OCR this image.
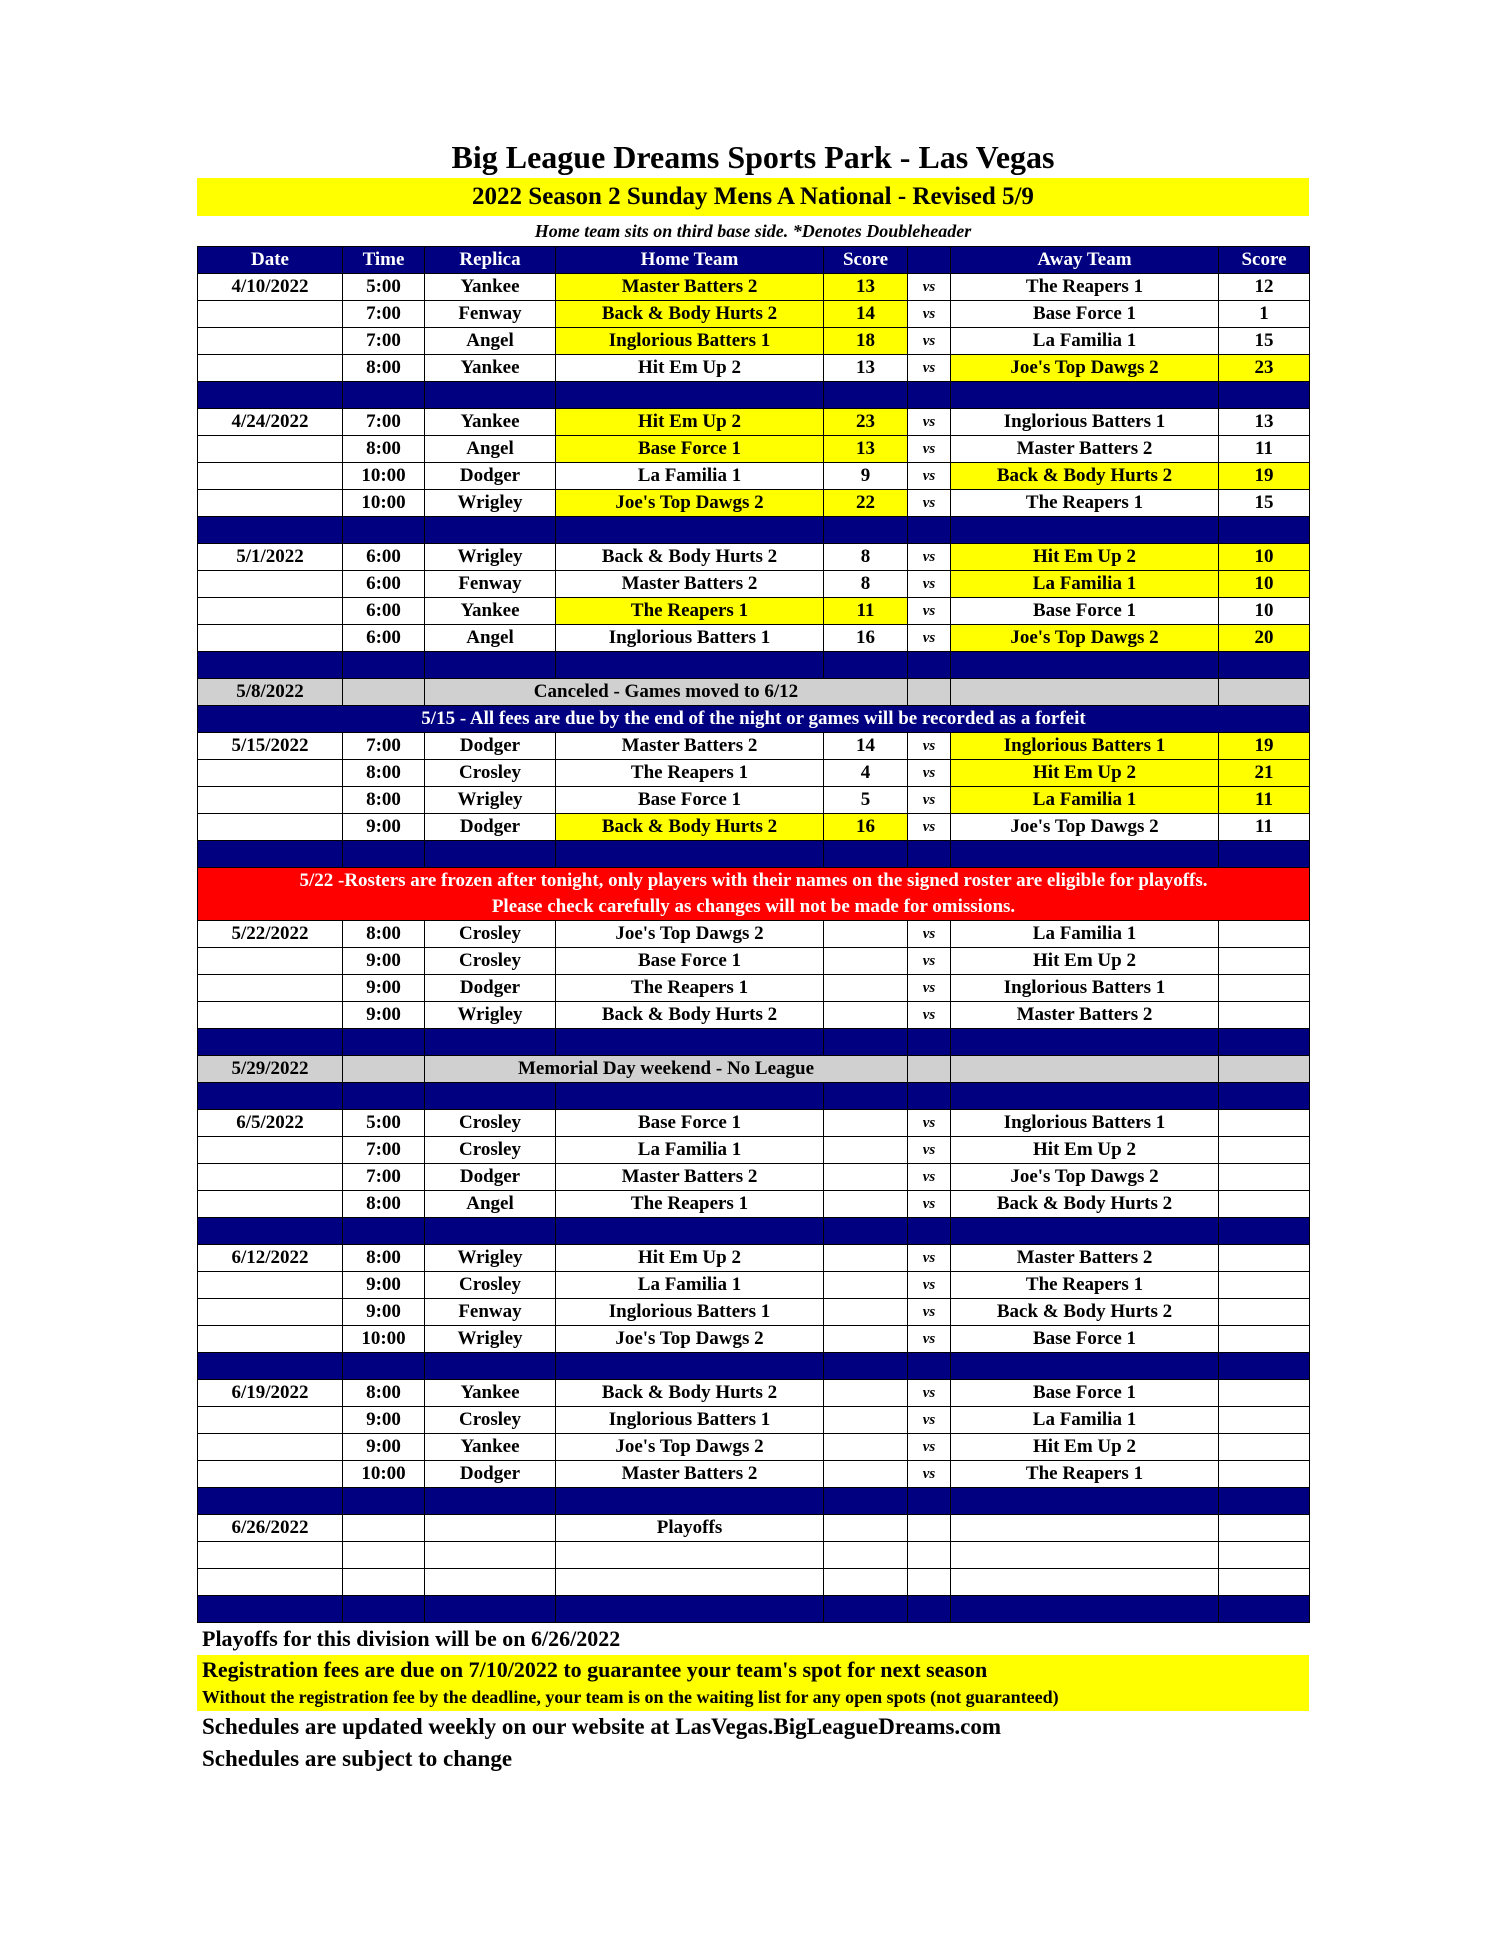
Big League Dreams Sports Park - Las Vegas
2022 Season 2 Sunday Mens A National - Revised 5/9
Home team sits on third base side. *Denotes Doubleheader
Date	Time	Replica	Home Team	Score		Away Team	Score
4/10/2022	5:00	Yankee	Master Batters 2	13	vs	The Reapers 1	12
	7:00	Fenway	Back & Body Hurts 2	14	vs	Base Force 1	1
	7:00	Angel	Inglorious Batters 1	18	vs	La Familia 1	15
	8:00	Yankee	Hit Em Up 2	13	vs	Joe's Top Dawgs 2	23

4/24/2022	7:00	Yankee	Hit Em Up 2	23	vs	Inglorious Batters 1	13
	8:00	Angel	Base Force 1	13	vs	Master Batters 2	11
	10:00	Dodger	La Familia 1	9	vs	Back & Body Hurts 2	19
	10:00	Wrigley	Joe's Top Dawgs 2	22	vs	The Reapers 1	15

5/1/2022	6:00	Wrigley	Back & Body Hurts 2	8	vs	Hit Em Up 2	10
	6:00	Fenway	Master Batters 2	8	vs	La Familia 1	10
	6:00	Yankee	The Reapers 1	11	vs	Base Force 1	10
	6:00	Angel	Inglorious Batters 1	16	vs	Joe's Top Dawgs 2	20

5/8/2022		Canceled - Games moved to 6/12					
5/15 - All fees are due by the end of the night or games will be recorded as a forfeit							
5/15/2022	7:00	Dodger	Master Batters 2	14	vs	Inglorious Batters 1	19
	8:00	Crosley	The Reapers 1	4	vs	Hit Em Up 2	21
	8:00	Wrigley	Base Force 1	5	vs	La Familia 1	11
	9:00	Dodger	Back & Body Hurts 2	16	vs	Joe's Top Dawgs 2	11

5/22 -Rosters are frozen after tonight, only players with their names on the signed roster are eligible for playoffs.
Please check carefully as changes will not be made for omissions.							

5/22/2022	8:00	Crosley	Joe's Top Dawgs 2		vs	La Familia 1	
	9:00	Crosley	Base Force 1		vs	Hit Em Up 2	
	9:00	Dodger	The Reapers 1		vs	Inglorious Batters 1	
	9:00	Wrigley	Back & Body Hurts 2		vs	Master Batters 2	

5/29/2022		Memorial Day weekend - No League					

6/5/2022	5:00	Crosley	Base Force 1		vs	Inglorious Batters 1	
	7:00	Crosley	La Familia 1		vs	Hit Em Up 2	
	7:00	Dodger	Master Batters 2		vs	Joe's Top Dawgs 2	
	8:00	Angel	The Reapers 1		vs	Back & Body Hurts 2	

6/12/2022	8:00	Wrigley	Hit Em Up 2		vs	Master Batters 2	
	9:00	Crosley	La Familia 1		vs	The Reapers 1	
	9:00	Fenway	Inglorious Batters 1		vs	Back & Body Hurts 2	
	10:00	Wrigley	Joe's Top Dawgs 2		vs	Base Force 1	

6/19/2022	8:00	Yankee	Back & Body Hurts 2		vs	Base Force 1	
	9:00	Crosley	Inglorious Batters 1		vs	La Familia 1	
	9:00	Yankee	Joe's Top Dawgs 2		vs	Hit Em Up 2	
	10:00	Dodger	Master Batters 2		vs	The Reapers 1	

6/26/2022			Playoffs				

Playoffs for this division will be on 6/26/2022
Registration fees are due on 7/10/2022 to guarantee your team's spot for next season
Without the registration fee by the deadline, your team is on the waiting list for any open spots (not guaranteed)
Schedules are updated weekly on our website at LasVegas.BigLeagueDreams.com
Schedules are subject to change
